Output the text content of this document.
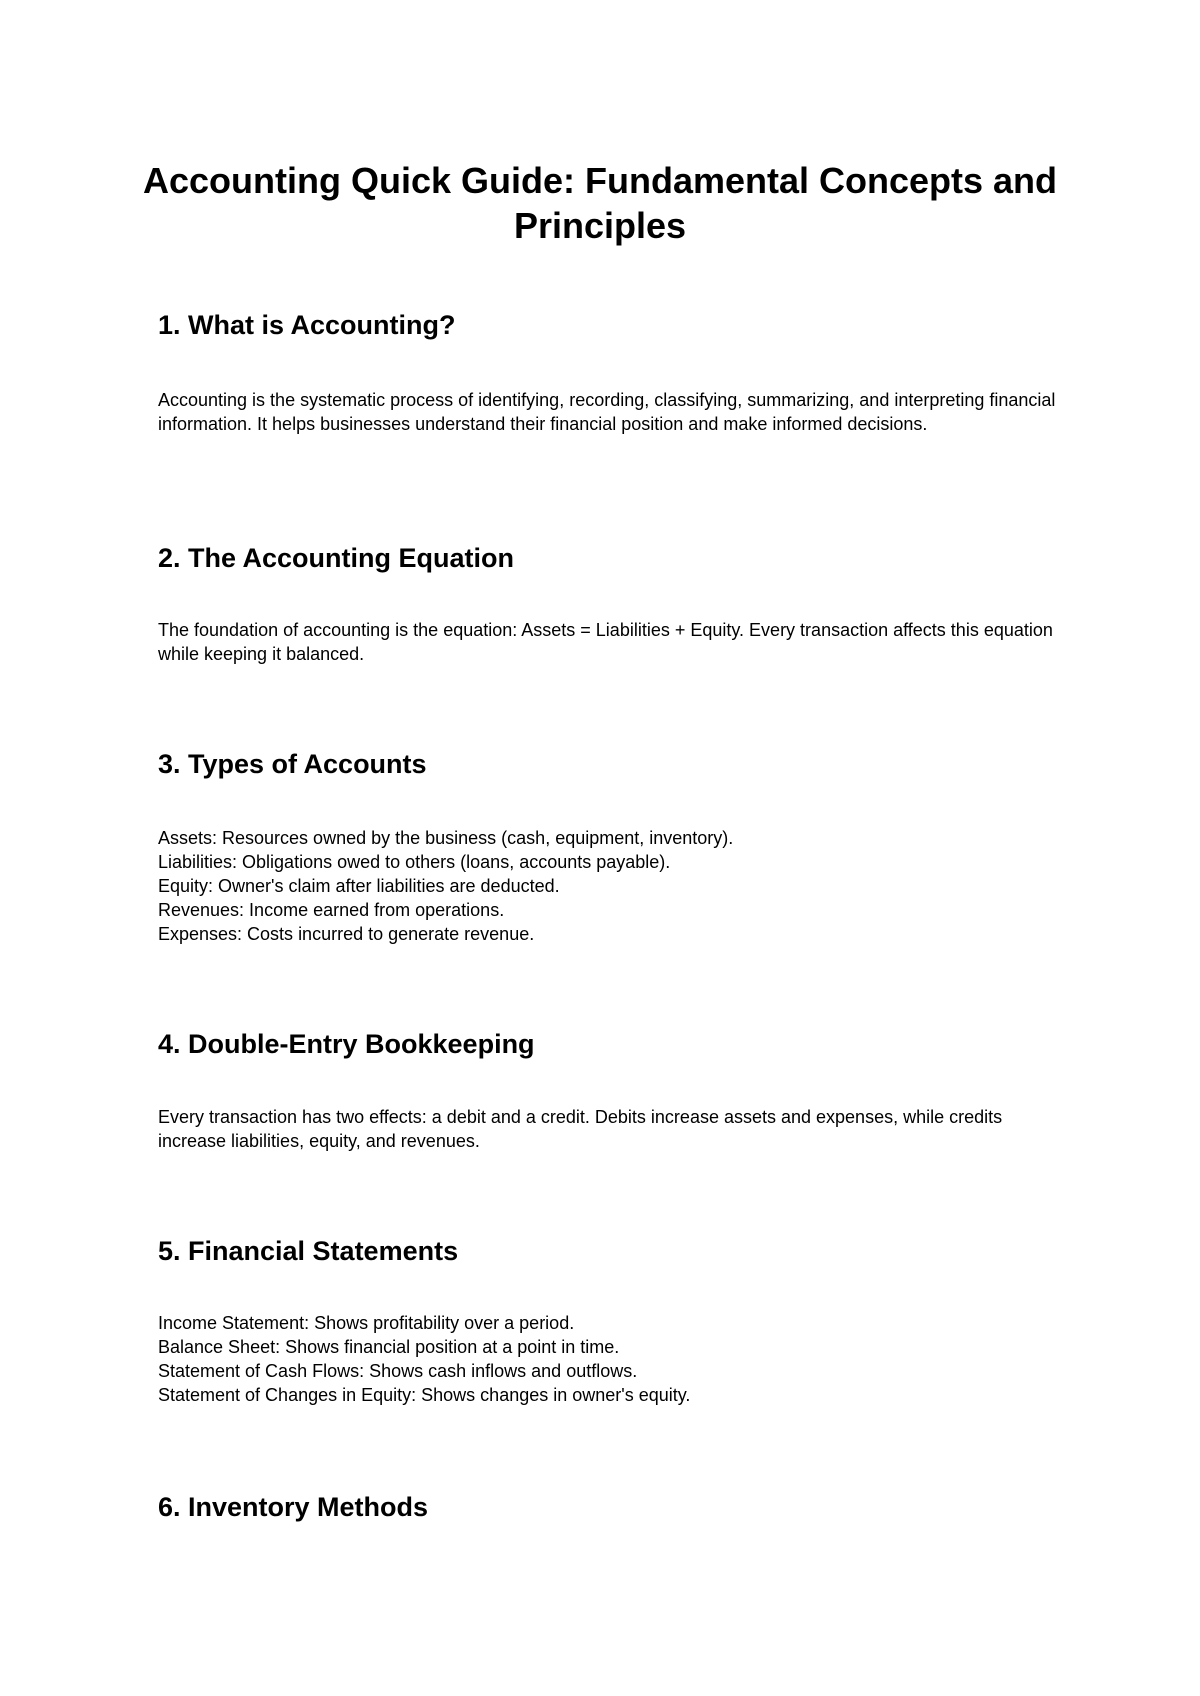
Accounting Quick Guide: Fundamental Concepts and Principles
1. What is Accounting?

Accounting is the systematic process of identifying, recording, classifying, summarizing, and interpreting financial information. It helps businesses understand their financial position and make informed decisions.

2. The Accounting Equation

The foundation of accounting is the equation: Assets = Liabilities + Equity. Every transaction affects this equation while keeping it balanced.

3. Types of Accounts
Assets: Resources owned by the business (cash, equipment, inventory).
Liabilities: Obligations owed to others (loans, accounts payable).
Equity: Owner's claim after liabilities are deducted.
Revenues: Income earned from operations.
Expenses: Costs incurred to generate revenue.
4. Double-Entry Bookkeeping

Every transaction has two effects: a debit and a credit. Debits increase assets and expenses, while credits increase liabilities, equity, and revenues.

5. Financial Statements
Income Statement: Shows profitability over a period.
Balance Sheet: Shows financial position at a point in time.
Statement of Cash Flows: Shows cash inflows and outflows.
Statement of Changes in Equity: Shows changes in owner's equity.
6. Inventory Methods
